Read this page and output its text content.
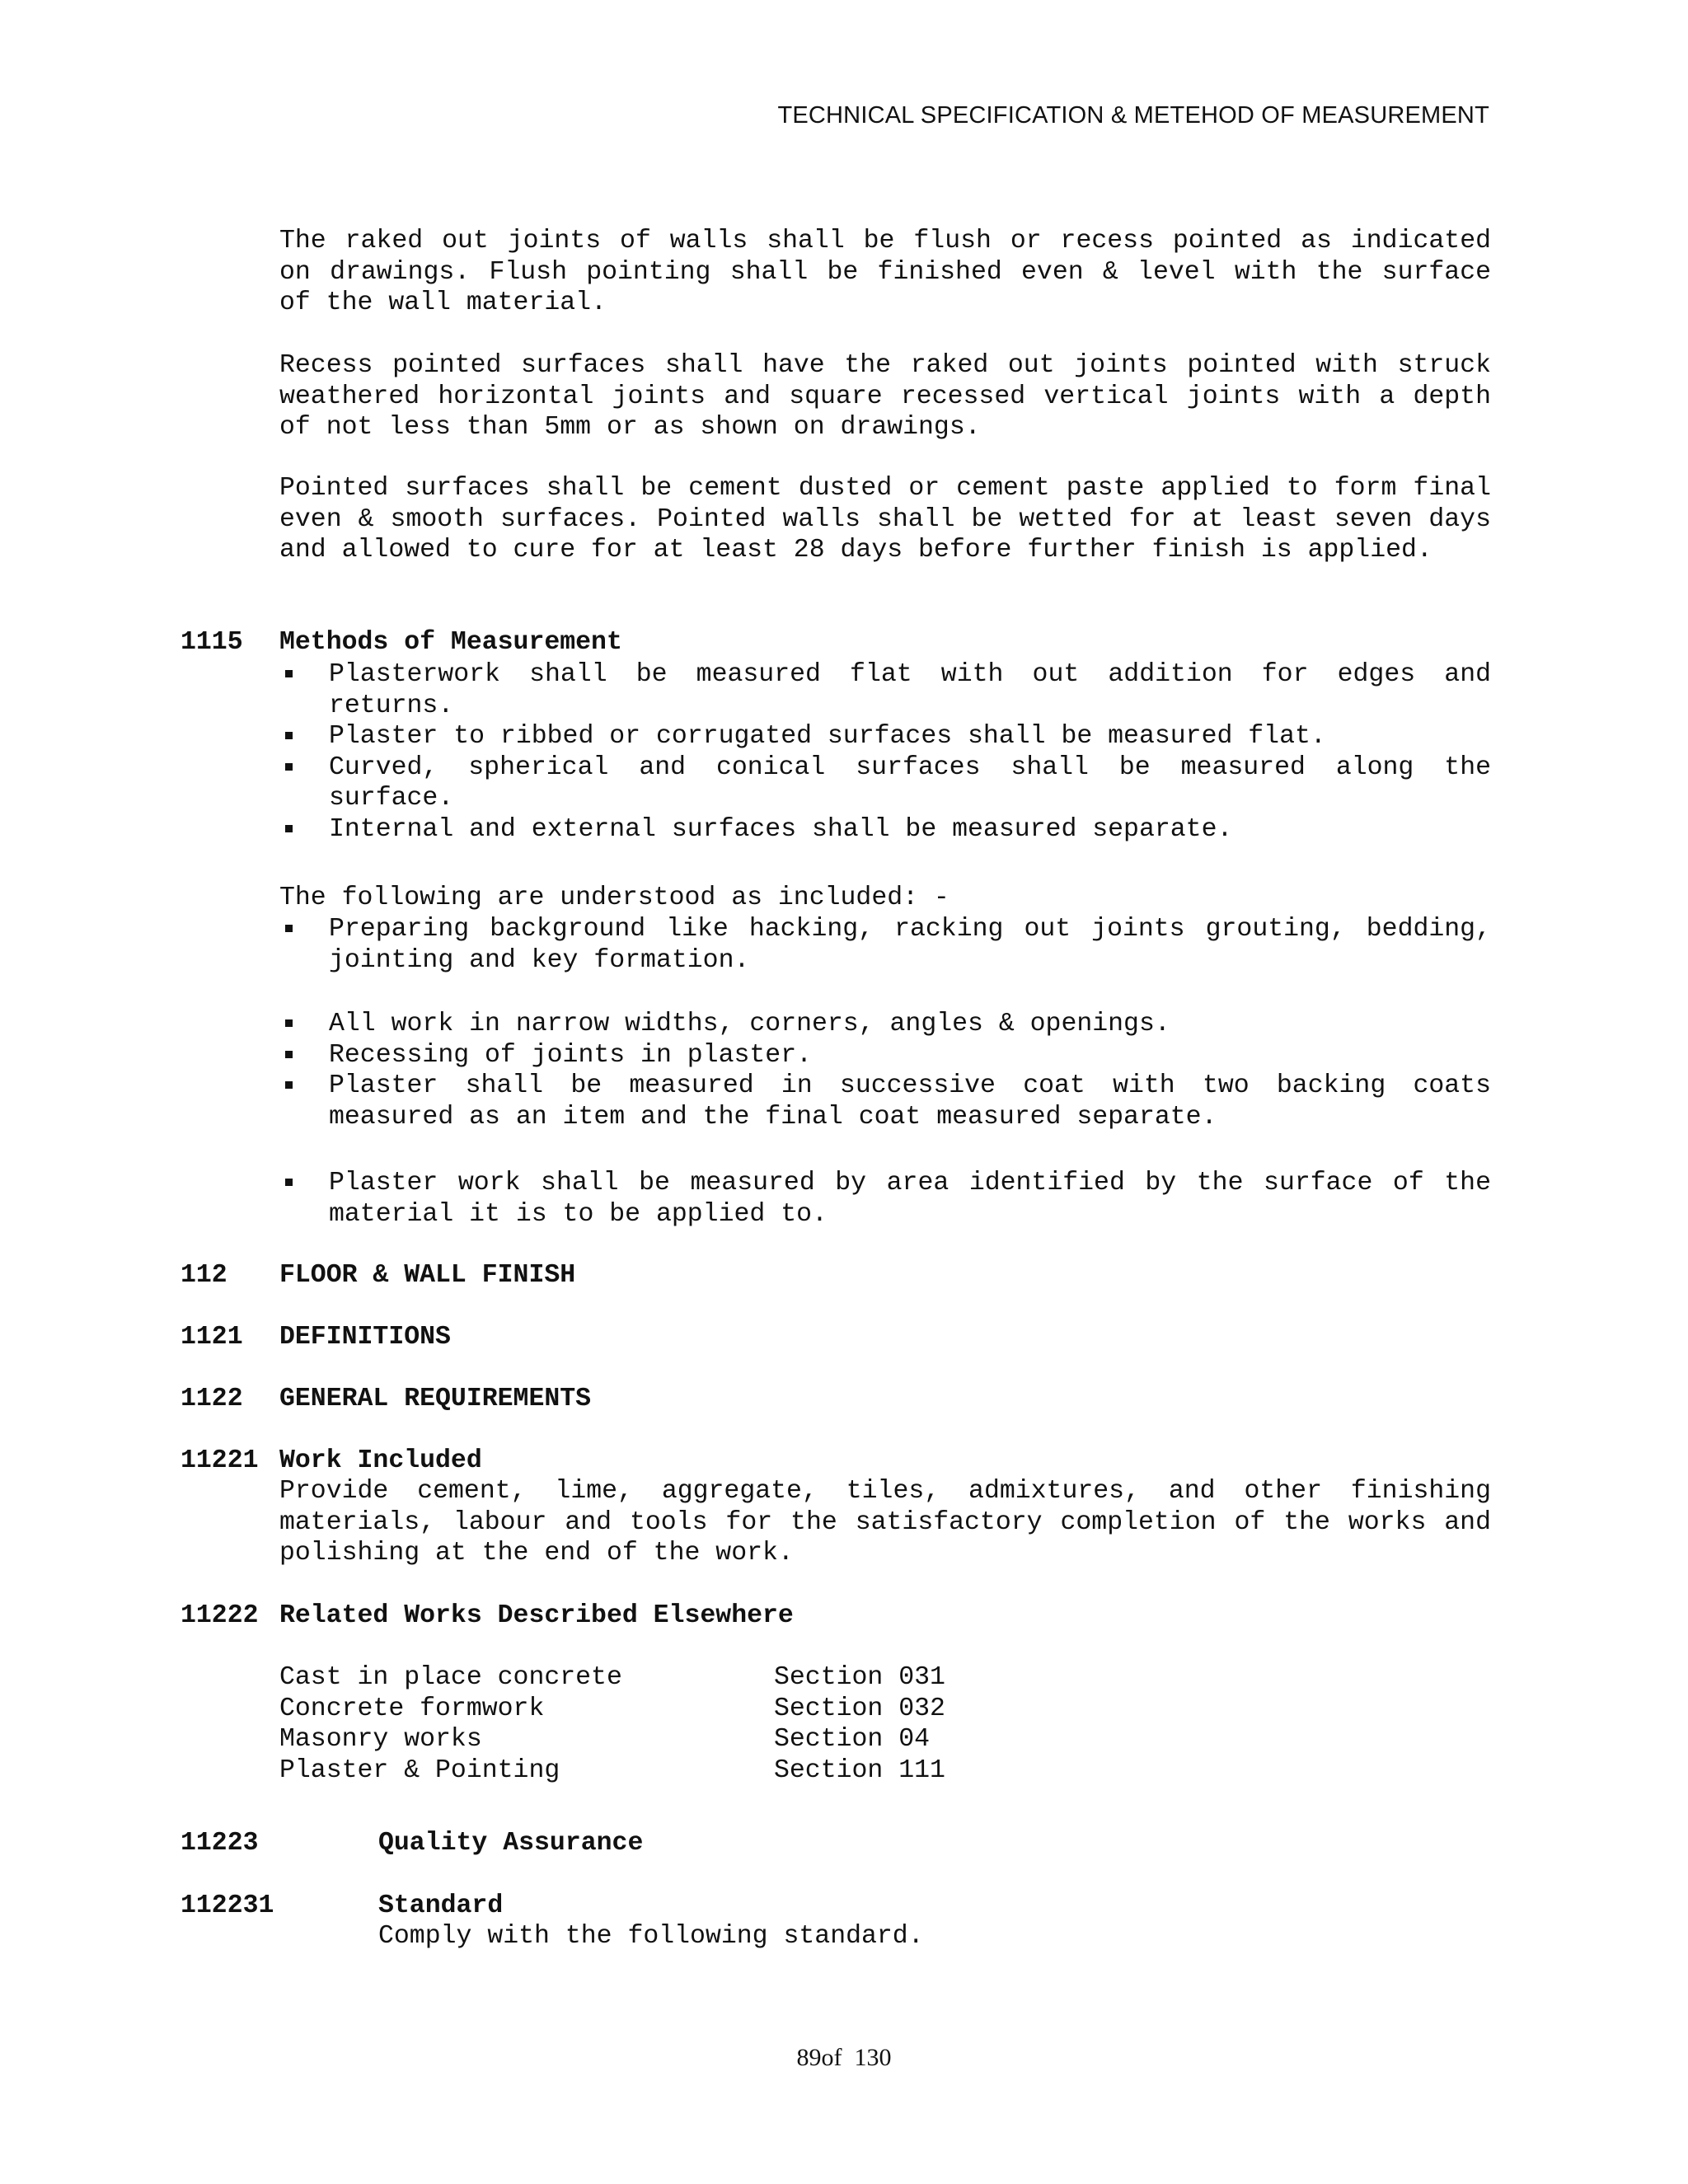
TECHNICAL SPECIFICATION & METEHOD OF MEASUREMENT
The raked out joints of walls shall be flush or recess pointed as indicated on drawings. Flush pointing shall be finished even & level with the surface of the wall material.
Recess pointed surfaces shall have the raked out joints pointed with struck weathered horizontal joints and square recessed vertical joints with a depth of not less than 5mm or as shown on drawings.
Pointed surfaces shall be cement dusted or cement paste applied to form final even & smooth surfaces. Pointed walls shall be wetted for at least seven days and allowed to cure for at least 28 days before further finish is applied.
1115 Methods of Measurement
Plasterwork shall be measured flat with out addition for edges and returns.
Plaster to ribbed or corrugated surfaces shall be measured flat.
Curved, spherical and conical surfaces shall be measured along the surface.
Internal and external surfaces shall be measured separate.
The following are understood as included: -
Preparing background like hacking, racking out joints grouting, bedding, jointing and key formation.
All work in narrow widths, corners, angles & openings.
Recessing of joints in plaster.
Plaster shall be measured in successive coat with two backing coats measured as an item and the final coat measured separate.
Plaster work shall be measured by area identified by the surface of the material it is to be applied to.
112 FLOOR & WALL FINISH
1121 DEFINITIONS
1122 GENERAL REQUIREMENTS
11221 Work Included
Provide cement, lime, aggregate, tiles, admixtures, and other finishing materials, labour and tools for the satisfactory completion of the works and polishing at the end of the work.
11222 Related Works Described Elsewhere
Cast in place concrete	Section 031
Concrete formwork	Section 032
Masonry works	Section 04
Plaster & Pointing	Section 111
11223	Quality Assurance
112231	Standard
Comply with the following standard.
89of 130
